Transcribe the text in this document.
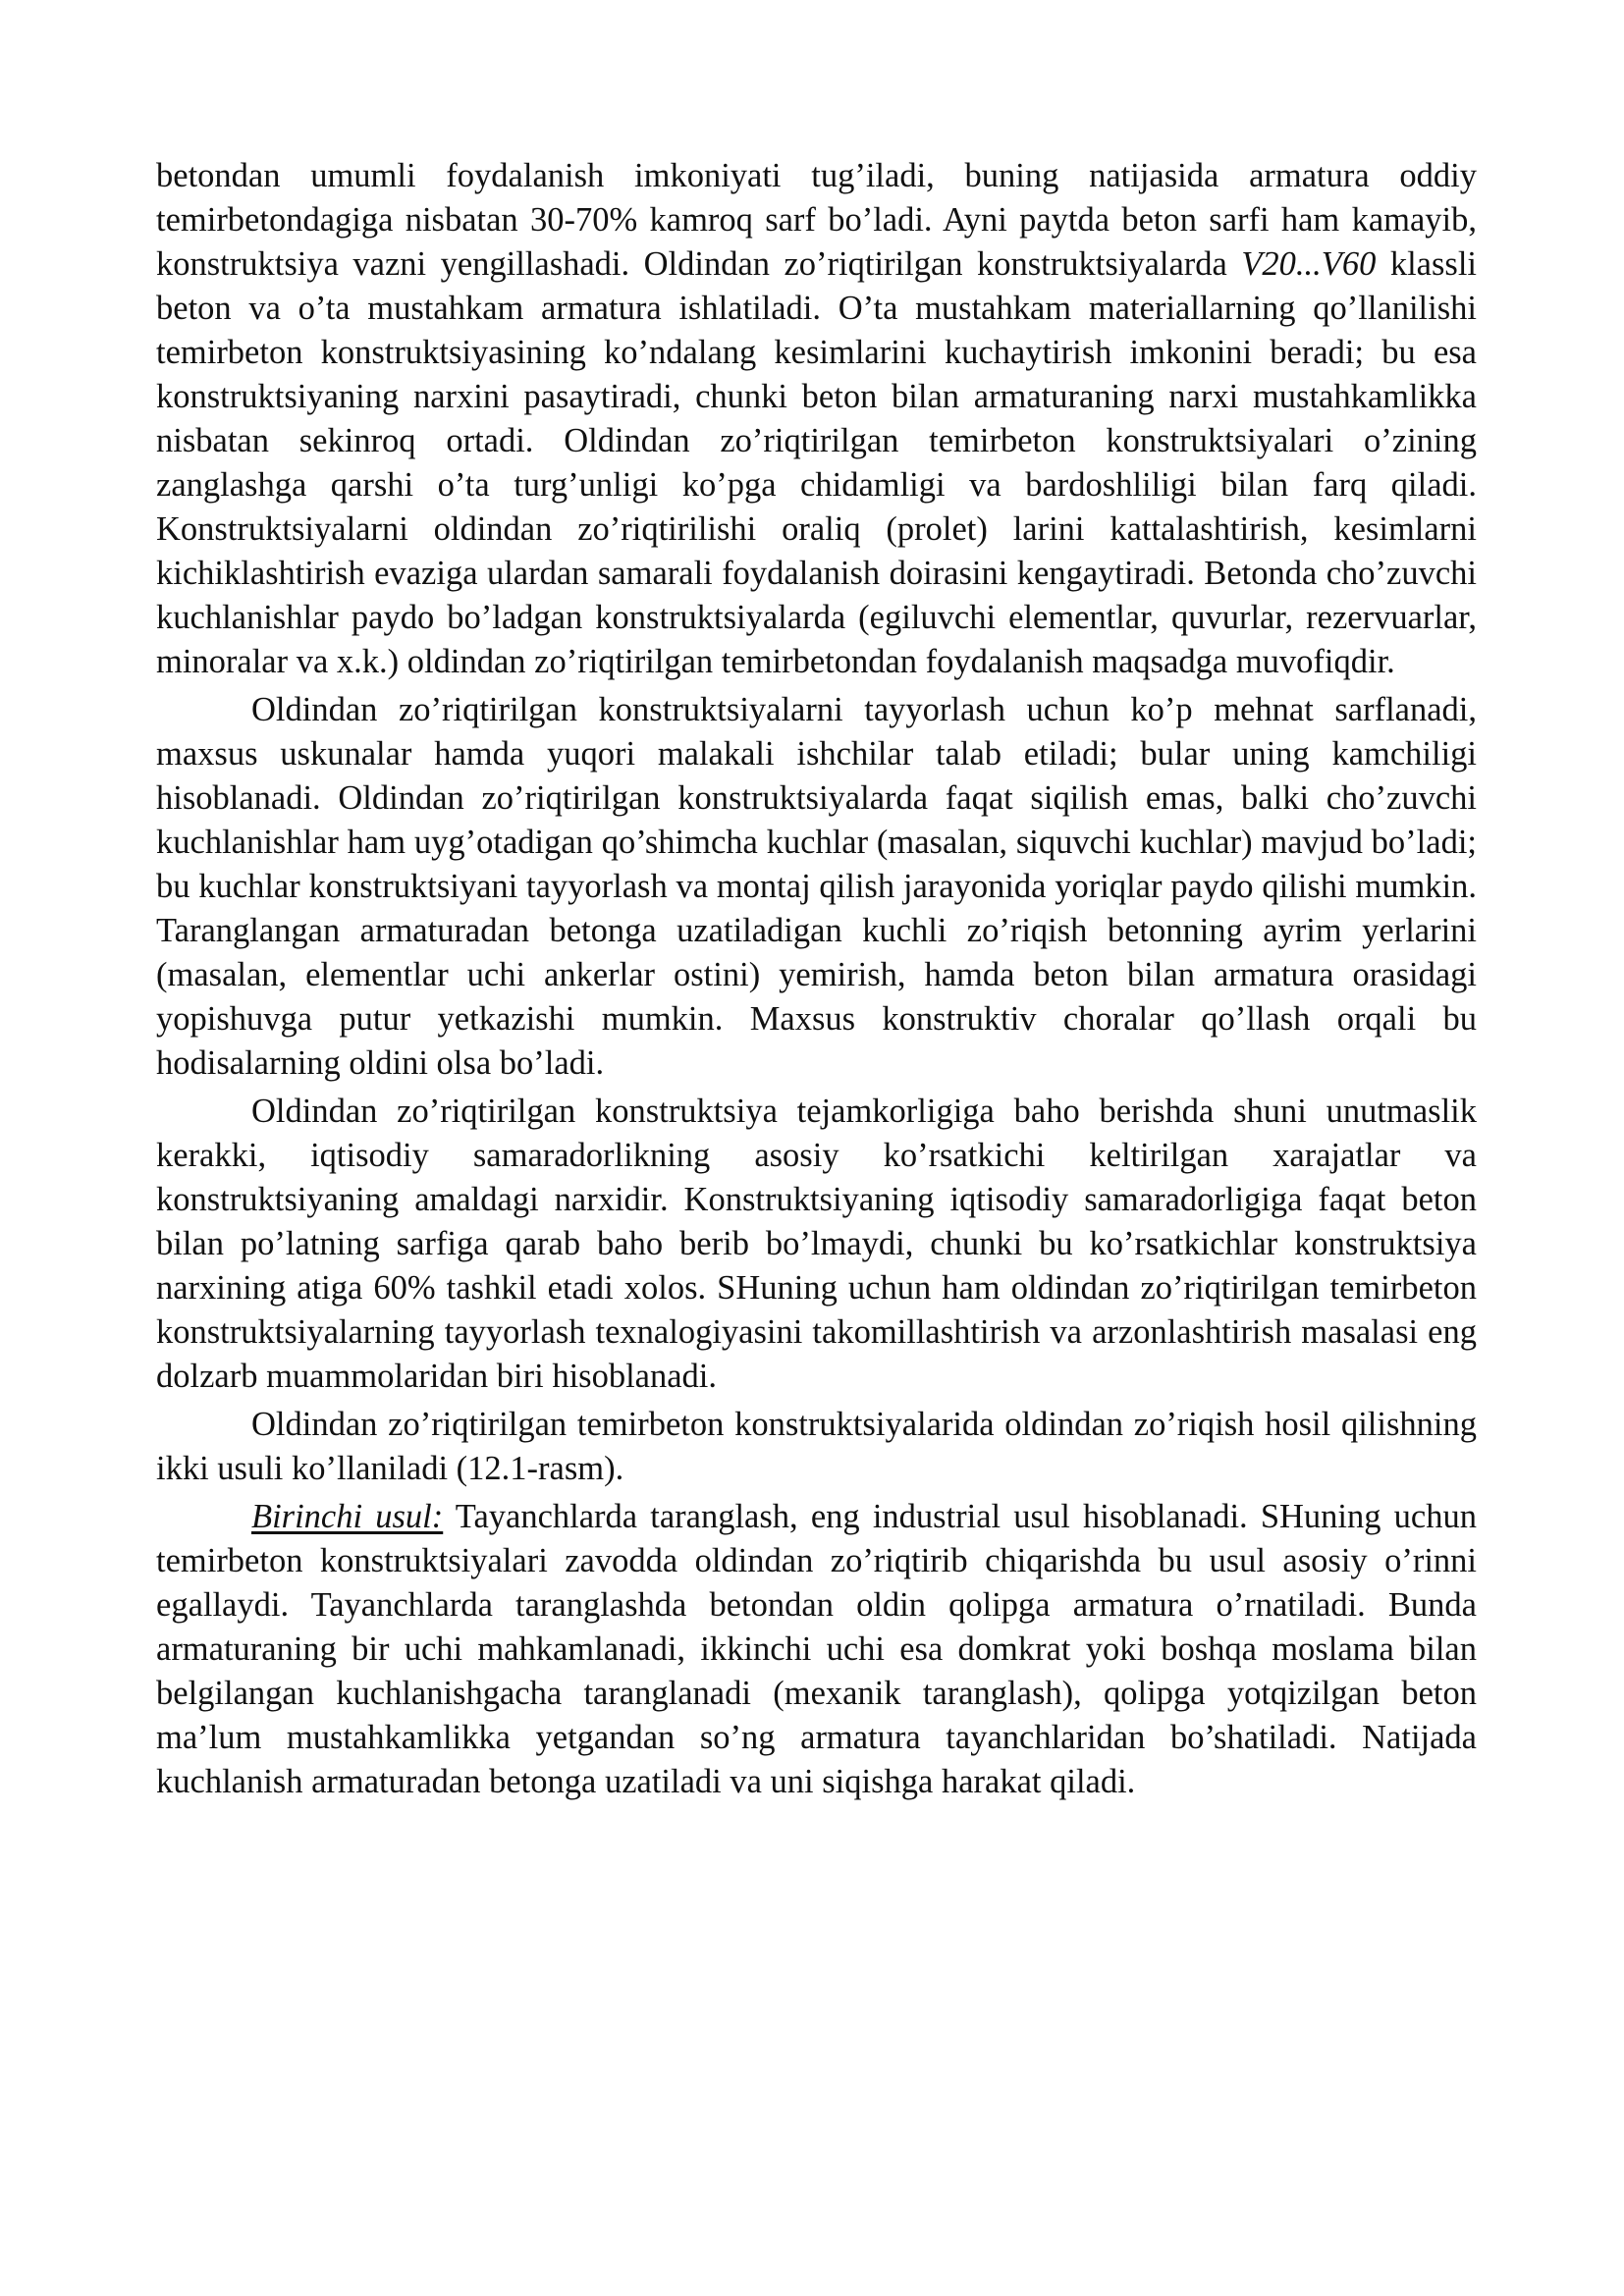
betondan umumli foydalanish imkoniyati tug’iladi, buning natijasida armatura oddiy temirbetondagiga nisbatan 30-70% kamroq sarf bo’ladi. Ayni paytda beton sarfi ham kamayib, konstruktsiya vazni yengillashadi. Oldindan zo’riqtirilgan konstruktsiyalarda V20...V60 klassli beton va o’ta mustahkam armatura ishlatiladi. O’ta mustahkam materiallarning qo’llanilishi temirbeton konstruktsiyasining ko’ndalang kesimlarini kuchaytirish imkonini beradi; bu esa konstruktsiyaning narxini pasaytiradi, chunki beton bilan armaturaning narxi mustahkamlikka nisbatan sekinroq ortadi. Oldindan zo’riqtirilgan temirbeton konstruktsiyalari o’zining zanglashga qarshi o’ta turg’unligi ko’pga chidamligi va bardoshliligi bilan farq qiladi. Konstruktsiyalarni oldindan zo’riqtirilishi oraliq (prolet) larini kattalashtirish, kesimlarni kichiklashtirish evaziga ulardan samarali foydalanish doirasini kengaytiradi. Betonda cho’zuvchi kuchlanishlar paydo bo’ladgan konstruktsiyalarda (egiluvchi elementlar, quvurlar, rezervuarlar, minoralar va x.k.) oldindan zo’riqtirilgan temirbetondan foydalanish maqsadga muvofiqdir.

Oldindan zo’riqtirilgan konstruktsiyalarni tayyorlash uchun ko’p mehnat sarflanadi, maxsus uskunalar hamda yuqori malakali ishchilar talab etiladi; bular uning kamchiligi hisoblanadi. Oldindan zo’riqtirilgan konstruktsiyalarda faqat siqilish emas, balki cho’zuvchi kuchlanishlar ham uyg’otadigan qo’shimcha kuchlar (masalan, siquvchi kuchlar) mavjud bo’ladi; bu kuchlar konstruktsiyani tayyorlash va montaj qilish jarayonida yoriqlar paydo qilishi mumkin. Taranglangan armaturadan betonga uzatiladigan kuchli zo’riqish betonning ayrim yerlarini (masalan, elementlar uchi ankerlar ostini) yemirish, hamda beton bilan armatura orasidagi yopishuvga putur yetkazishi mumkin. Maxsus konstruktiv choralar qo’llash orqali bu hodisalarning oldini olsa bo’ladi.

Oldindan zo’riqtirilgan konstruktsiya tejamkorligiga baho berishda shuni unutmaslik kerakki, iqtisodiy samaradorlikning asosiy ko’rsatkichi keltirilgan xarajatlar va konstruktsiyaning amaldagi narxidir. Konstruktsiyaning iqtisodiy samaradorligiga faqat beton bilan po’latning sarfiga qarab baho berib bo’lmaydi, chunki bu ko’rsatkichlar konstruktsiya narxining atiga 60% tashkil etadi xolos. SHuning uchun ham oldindan zo’riqtirilgan temirbeton konstruktsiyalarning tayyorlash texnalogiyasini takomillashtirish va arzonlashtirish masalasi eng dolzarb muammolaridan biri hisoblanadi.

Oldindan zo’riqtirilgan temirbeton konstruktsiyalarida oldindan zo’riqish hosil qilishning ikki usuli ko’llaniladi (12.1-rasm).

Birinchi usul: Tayanchlarda taranglash, eng industrial usul hisoblanadi. SHuning uchun temirbeton konstruktsiyalari zavodda oldindan zo’riqtirib chiqarishda bu usul asosiy o’rinni egallaydi. Tayanchlarda taranglashda betondan oldin qolipga armatura o’rnatiladi. Bunda armaturaning bir uchi mahkamlanadi, ikkinchi uchi esa domkrat yoki boshqa moslama bilan belgilangan kuchlanishgacha taranglanadi (mexanik taranglash), qolipga yotqizilgan beton ma’lum mustahkamlikka yetgandan so’ng armatura tayanchlaridan bo’shatiladi. Natijada kuchlanish armaturadan betonga uzatiladi va uni siqishga harakat qiladi.
